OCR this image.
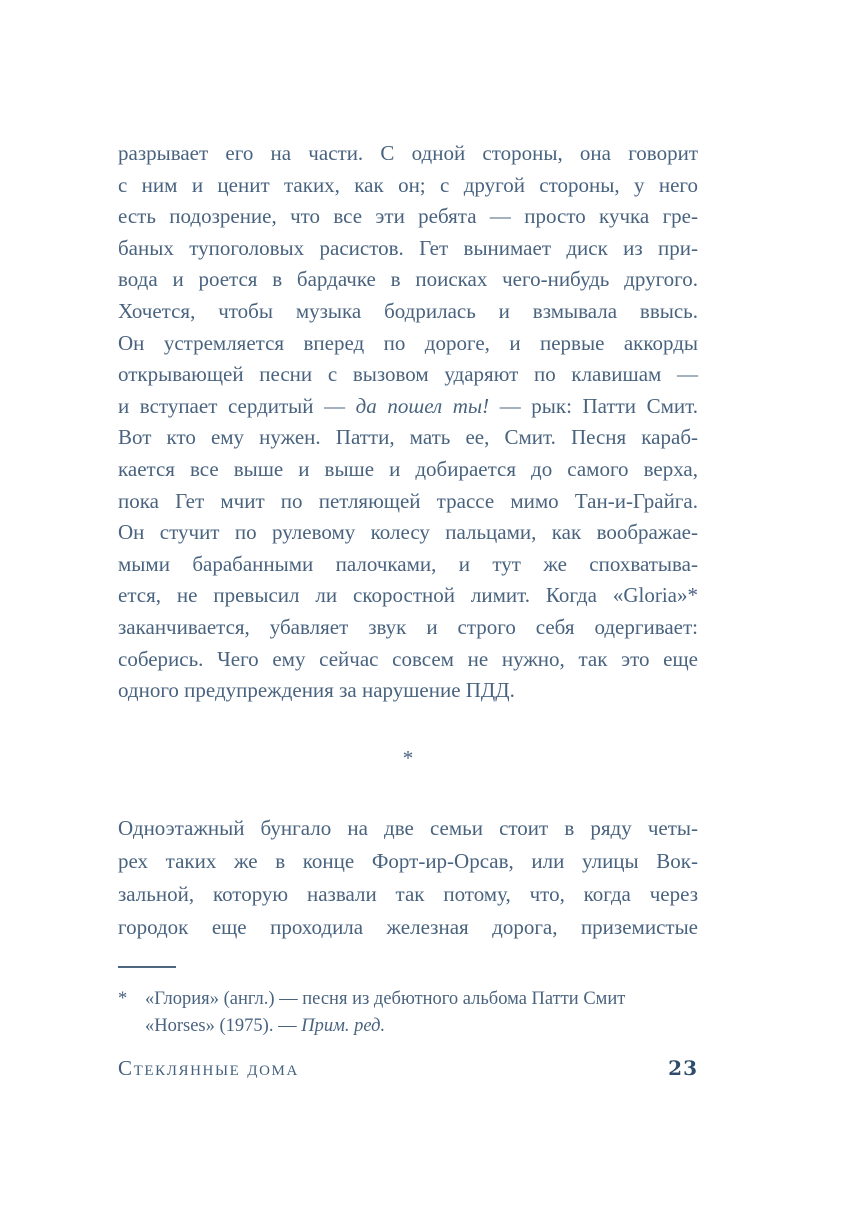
разрывает его на части. С одной стороны, она говорит
с ним и ценит таких, как он; с другой стороны, у него
есть подозрение, что все эти ребята — просто кучка гре-
баных тупоголовых расистов. Гет вынимает диск из при-
вода и роется в бардачке в поисках чего-нибудь другого.
Хочется, чтобы музыка бодрилась и взмывала ввысь.
Он устремляется вперед по дороге, и первые аккорды
открывающей песни с вызовом ударяют по клавишам —
и вступает сердитый — да пошел ты! — рык: Патти Смит.
Вот кто ему нужен. Патти, мать ее, Смит. Песня караб-
кается все выше и выше и добирается до самого верха,
пока Гет мчит по петляющей трассе мимо Тан-и-Грайга.
Он стучит по рулевому колесу пальцами, как воображае-
мыми барабанными палочками, и тут же спохватыва-
ется, не превысил ли скоростной лимит. Когда «Gloria»*
заканчивается, убавляет звук и строго себя одергивает:
соберись. Чего ему сейчас совсем не нужно, так это еще
одного предупреждения за нарушение ПДД.
*
Одноэтажный бунгало на две семьи стоит в ряду четы-
рех таких же в конце Форт-ир-Орсав, или улицы Вок-
зальной, которую назвали так потому, что, когда через
городок еще проходила железная дорога, приземистые
* «Глория» (англ.) — песня из дебютного альбома Патти Смит
«Horses» (1975). — Прим. ред.
Стеклянные дома	23
